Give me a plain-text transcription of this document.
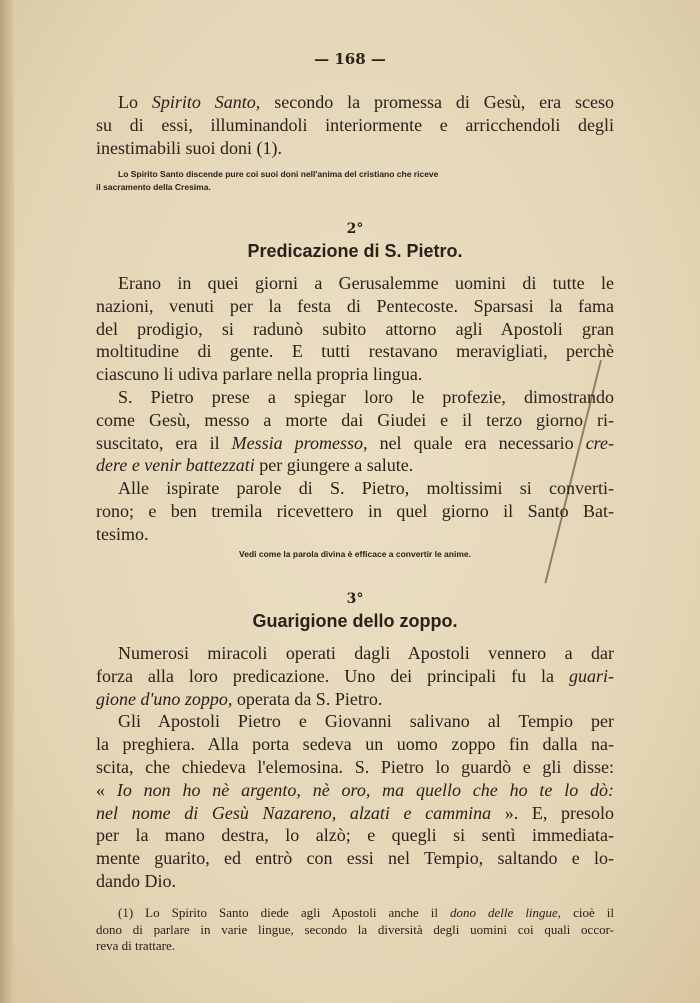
— 168 —
Lo Spirito Santo, secondo la promessa di Gesù, era sceso
su di essi, illuminandoli interiormente e arricchendoli degli
inestimabili suoi doni (1).
Lo Spirito Santo discende pure coi suoi doni nell'anima del cristiano che riceve
il sacramento della Cresima.
2°
Predicazione di S. Pietro.
Erano in quei giorni a Gerusalemme uomini di tutte le
nazioni, venuti per la festa di Pentecoste. Sparsasi la fama
del prodigio, si radunò subito attorno agli Apostoli gran
moltitudine di gente. E tutti restavano meravigliati, perchè
ciascuno li udiva parlare nella propria lingua.
S. Pietro prese a spiegar loro le profezie, dimostrando
come Gesù, messo a morte dai Giudei e il terzo giorno ri-
suscitato, era il Messia promesso, nel quale era necessario cre-
dere e venir battezzati per giungere a salute.
Alle ispirate parole di S. Pietro, moltissimi si converti-
rono; e ben tremila ricevettero in quel giorno il Santo Bat-
tesimo.
Vedi come la parola divina è efficace a convertir le anime.
3°
Guarigione dello zoppo.
Numerosi miracoli operati dagli Apostoli vennero a dar
forza alla loro predicazione. Uno dei principali fu la guari-
gione d'uno zoppo, operata da S. Pietro.
Gli Apostoli Pietro e Giovanni salivano al Tempio per
la preghiera. Alla porta sedeva un uomo zoppo fin dalla na-
scita, che chiedeva l'elemosina. S. Pietro lo guardò e gli disse:
« Io non ho nè argento, nè oro, ma quello che ho te lo dò:
nel nome di Gesù Nazareno, alzati e cammina ». E, presolo
per la mano destra, lo alzò; e quegli si sentì immediata-
mente guarito, ed entrò con essi nel Tempio, saltando e lo-
dando Dio.
(1) Lo Spirito Santo diede agli Apostoli anche il dono delle lingue, cioè il
dono di parlare in varie lingue, secondo la diversità degli uomini coi quali occor-
reva di trattare.
